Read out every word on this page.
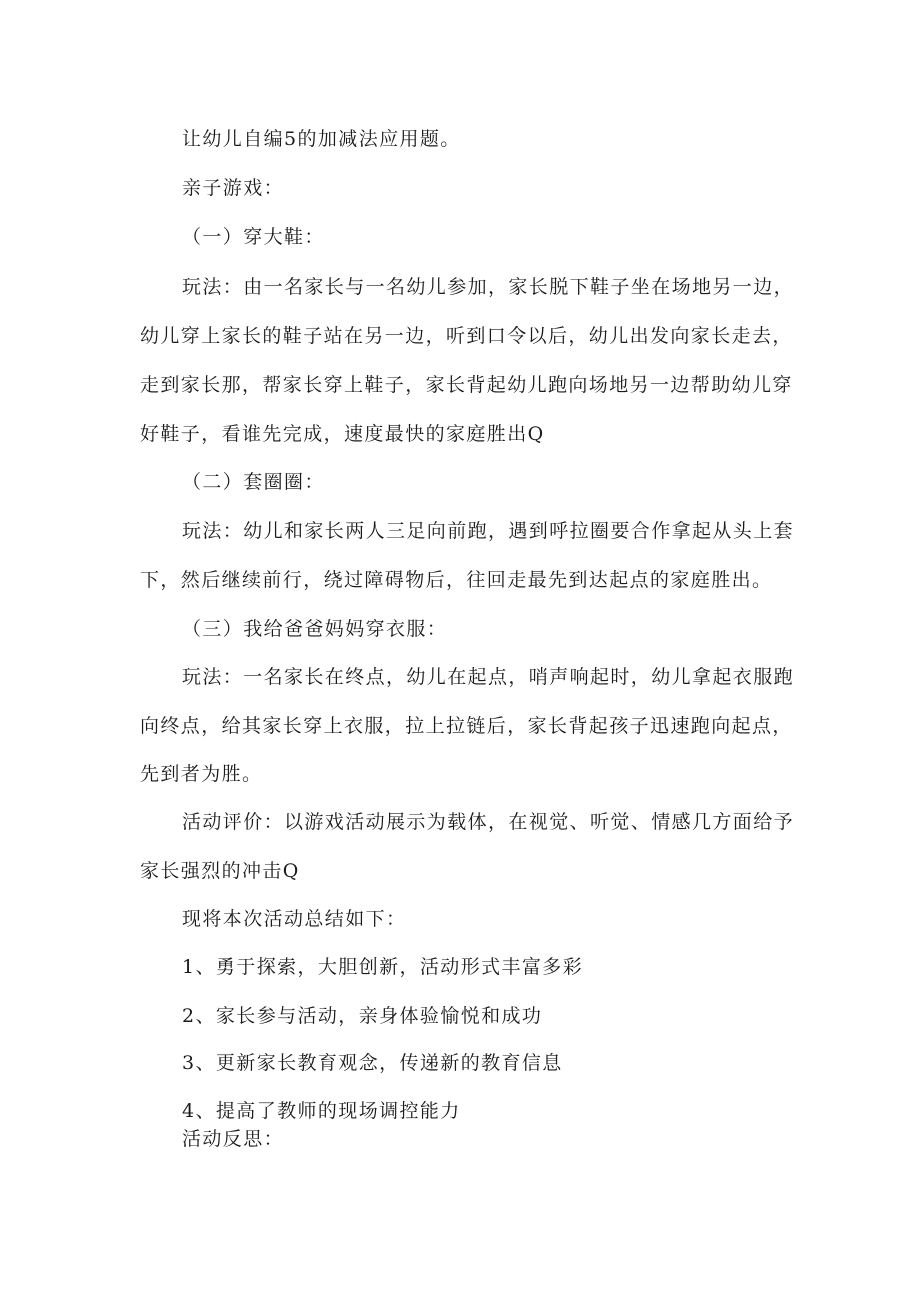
让幼儿自编5的加减法应用题。
亲子游戏：
（一）穿大鞋：
玩法：由一名家长与一名幼儿参加，家长脱下鞋子坐在场地另一边，
幼儿穿上家长的鞋子站在另一边，听到口令以后，幼儿出发向家长走去，
走到家长那，帮家长穿上鞋子，家长背起幼儿跑向场地另一边帮助幼儿穿
好鞋子，看谁先完成，速度最快的家庭胜出Q
（二）套圈圈：
玩法：幼儿和家长两人三足向前跑，遇到呼拉圈要合作拿起从头上套
下，然后继续前行，绕过障碍物后，往回走最先到达起点的家庭胜出。
（三）我给爸爸妈妈穿衣服：
玩法：一名家长在终点，幼儿在起点，哨声响起时，幼儿拿起衣服跑
向终点，给其家长穿上衣服，拉上拉链后，家长背起孩子迅速跑向起点，
先到者为胜。
活动评价：以游戏活动展示为载体，在视觉、听觉、情感几方面给予
家长强烈的冲击Q
现将本次活动总结如下：
1、勇于探索，大胆创新，活动形式丰富多彩
2、家长参与活动，亲身体验愉悦和成功
3、更新家长教育观念，传递新的教育信息
4、提高了教师的现场调控能力
活动反思：
